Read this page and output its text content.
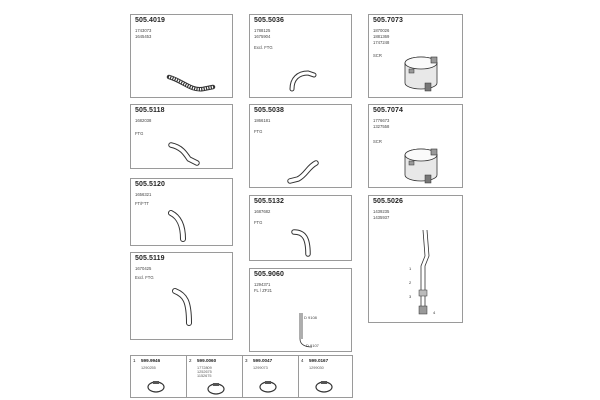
505.4019
1743073
1645453
505.5118
1682038
FTG
505.5120
1656321
FT/FTT
505.5119
1670425
Excl. FTG
505.5036
1788125
1675904
Excl. FTG
505.5038
1866181
FTG
505.5132
1687682
FTG
505.9060
1294371
FL / ZF21
D 9108
D 9107
505.7073
1870026
1881369
1747248
SCR
505.7074
1776673
1327558
SCR
505.5026
1439235
1435937
1
2
3
4
1 599.9946
1290255
2 599.0060
1772809
1252675
1152675
3 599.0047
1299073
4 599.0167
1299030
